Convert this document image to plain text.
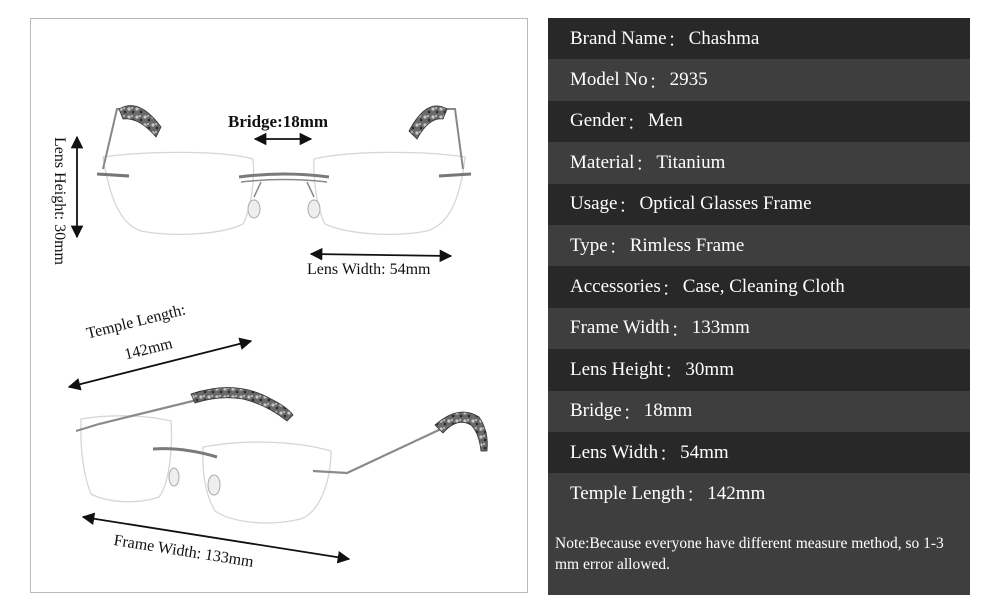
Bridge:18mm
Lens Height: 30mm
Lens Width: 54mm
Temple Length:
142mm
Frame Width: 133mm
Brand Name ： Chashma
Model No ： 2935
Gender ： Men
Material ： Titanium
Usage ： Optical Glasses Frame
Type ： Rimless Frame
Accessories ： Case, Cleaning Cloth
Frame Width ： 133mm
Lens Height ： 30mm
Bridge ： 18mm
Lens Width ： 54mm
Temple Length ： 142mm
Note:Because everyone have different measure method, so 1-3 mm error allowed.
